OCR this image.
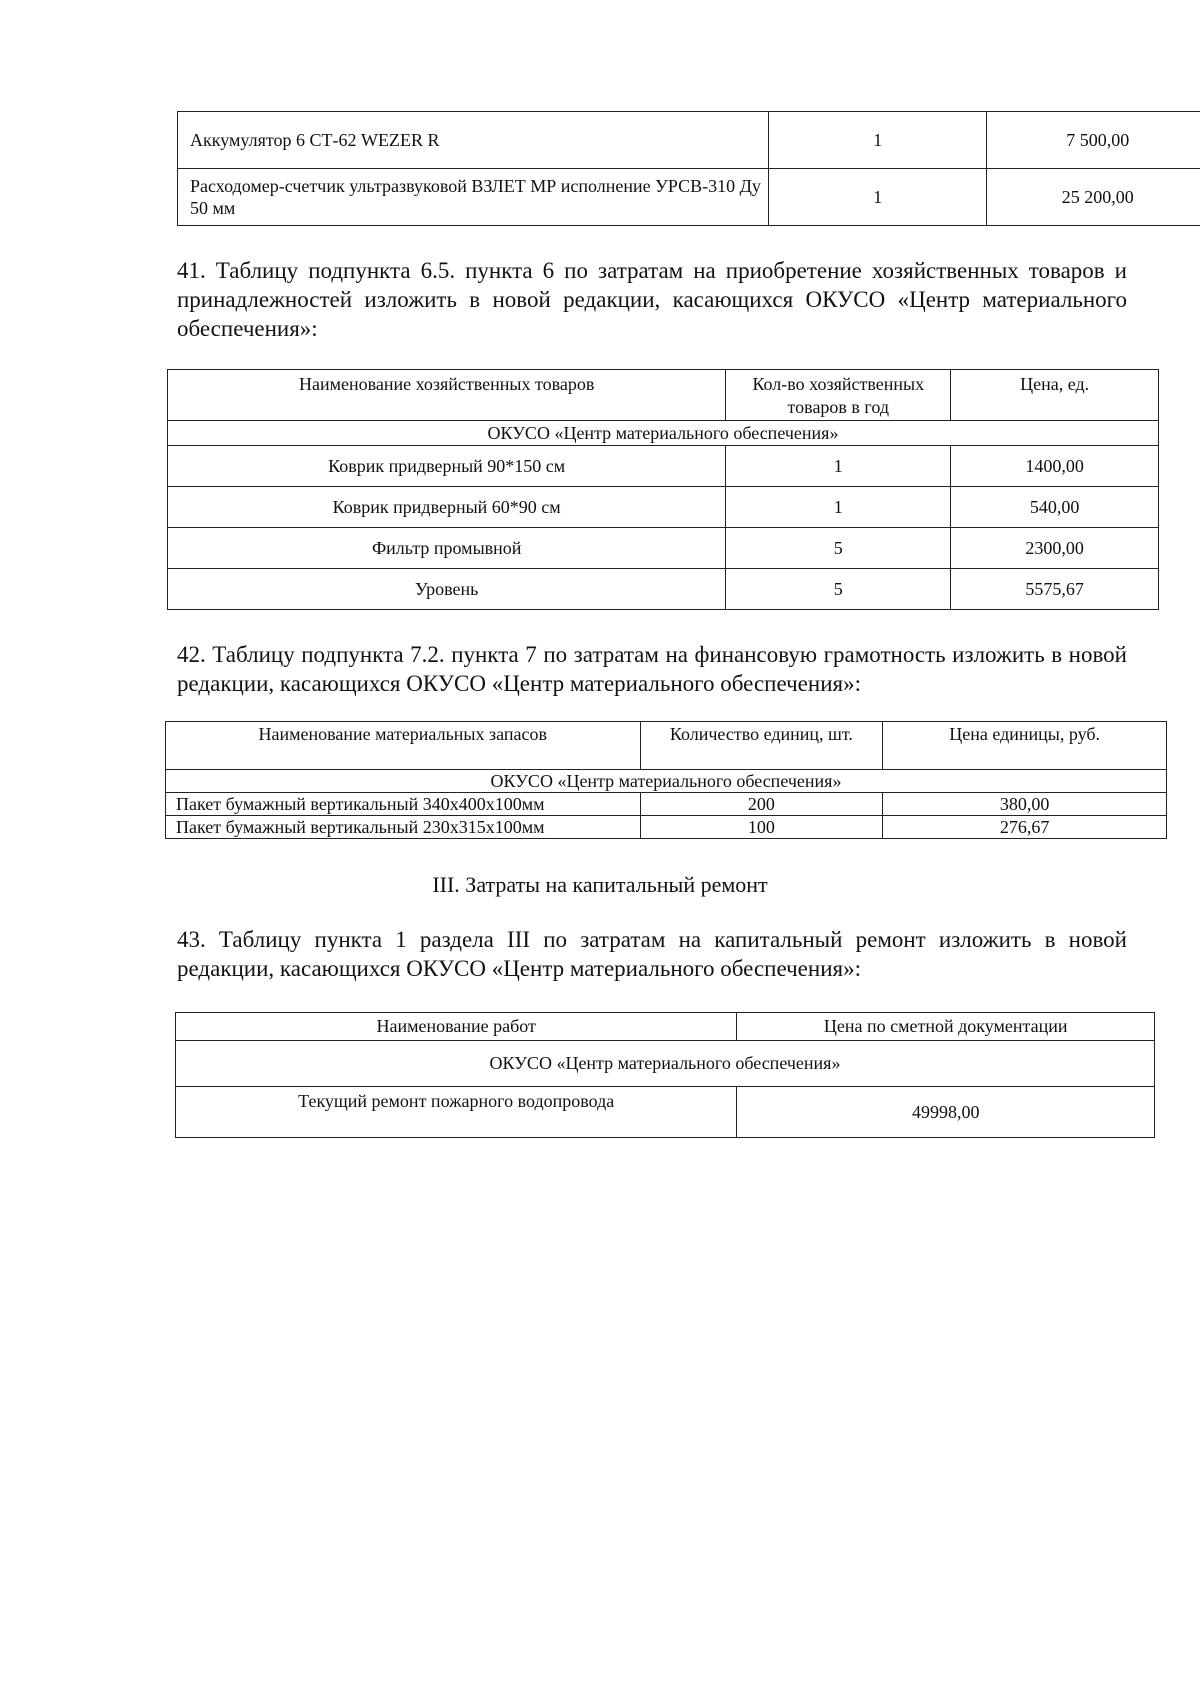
Аккумулятор 6 СТ-62 WEZER R	1	7 500,00
Расходомер-счетчик ультразвуковой ВЗЛЕТ МР исполнение УРСВ-310 Ду 50 мм	1	25 200,00

41. Таблицу подпункта 6.5. пункта 6 по затратам на приобретение хозяйственных товаров и принадлежностей изложить в новой редакции, касающихся ОКУСО «Центр материального обеспечения»:

Наименование хозяйственных товаров	Кол-во хозяйственных товаров в год	Цена, ед.
ОКУСО «Центр материального обеспечения»		
Коврик придверный 90*150 см	1	1400,00
Коврик придверный 60*90 см	1	540,00
Фильтр промывной	5	2300,00
Уровень	5	5575,67

42. Таблицу подпункта 7.2. пункта 7 по затратам на финансовую грамотность изложить в новой редакции, касающихся ОКУСО «Центр материального обеспечения»:

Наименование материальных запасов	Количество единиц, шт.	Цена единицы, руб.
ОКУСО «Центр материального обеспечения»		
Пакет бумажный вертикальный 340х400х100мм	200	380,00
Пакет бумажный вертикальный 230х315х100мм	100	276,67
III. Затраты на капитальный ремонт

43. Таблицу пункта 1 раздела III по затратам на капитальный ремонт изложить в новой редакции, касающихся ОКУСО «Центр материального обеспечения»:

Наименование работ	Цена по сметной документации
ОКУСО «Центр материального обеспечения»	
Текущий ремонт пожарного водопровода	49998,00
